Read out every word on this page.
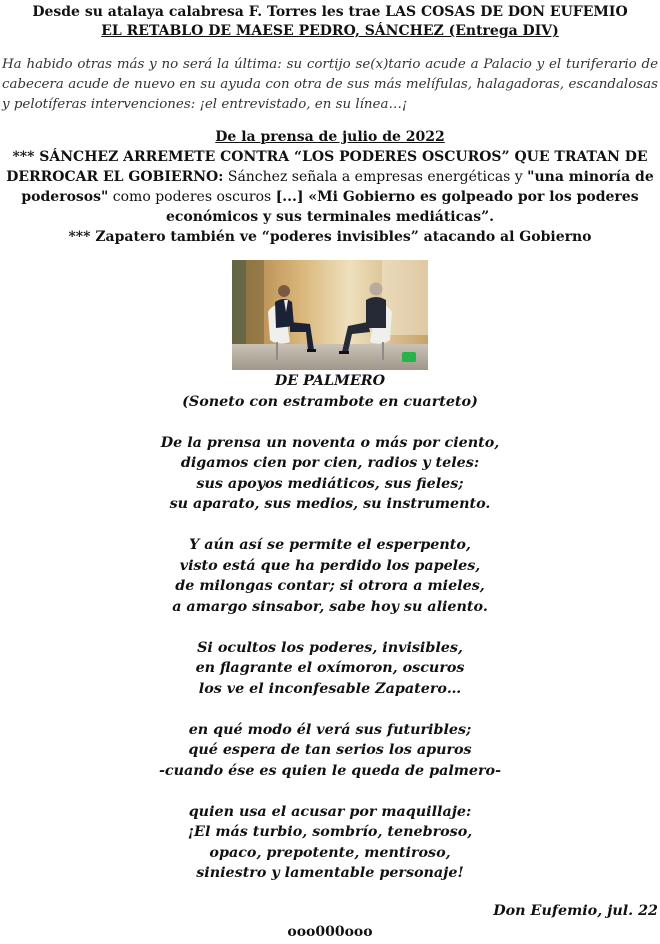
Desde su atalaya calabresa F. Torres les trae LAS COSAS DE DON EUFEMIO
EL RETABLO DE MAESE PEDRO, SÁNCHEZ (Entrega DIV)

Ha habido otras más y no será la última: su cortijo se(x)tario acude a Palacio y el turiferario de cabecera acude de nuevo en su ayuda con otra de sus más melífulas, halagadoras, escandalosas y pelotíferas intervenciones: ¡el entrevistado, en su línea…¡

De la prensa de julio de 2022
*** SÁNCHEZ ARREMETE CONTRA “LOS PODERES OSCUROS” QUE TRATAN DE DERROCAR EL GOBIERNO: Sánchez señala a empresas energéticas y "una minoría de poderosos" como poderes oscuros [...] «Mi Gobierno es golpeado por los poderes económicos y sus terminales mediáticas”.
*** Zapatero también ve “poderes invisibles” atacando al Gobierno
DE PALMERO
(Soneto con estrambote en cuarteto)
De la prensa un noventa o más por ciento,
digamos cien por cien, radios y teles:
sus apoyos mediáticos, sus fieles;
su aparato, sus medios, su instrumento.
Y aún así se permite el esperpento,
visto está que ha perdido los papeles,
de milongas contar; si otrora a mieles,
a amargo sinsabor, sabe hoy su aliento.
Si ocultos los poderes, invisibles,
en flagrante el oxímoron, oscuros
los ve el inconfesable Zapatero…
en qué modo él verá sus futuribles;
qué espera de tan serios los apuros
-cuando ése es quien le queda de palmero-
quien usa el acusar por maquillaje:
¡El más turbio, sombrío, tenebroso,
opaco, prepotente, mentiroso,
siniestro y lamentable personaje!
Don Eufemio, jul. 22
ooo000ooo
